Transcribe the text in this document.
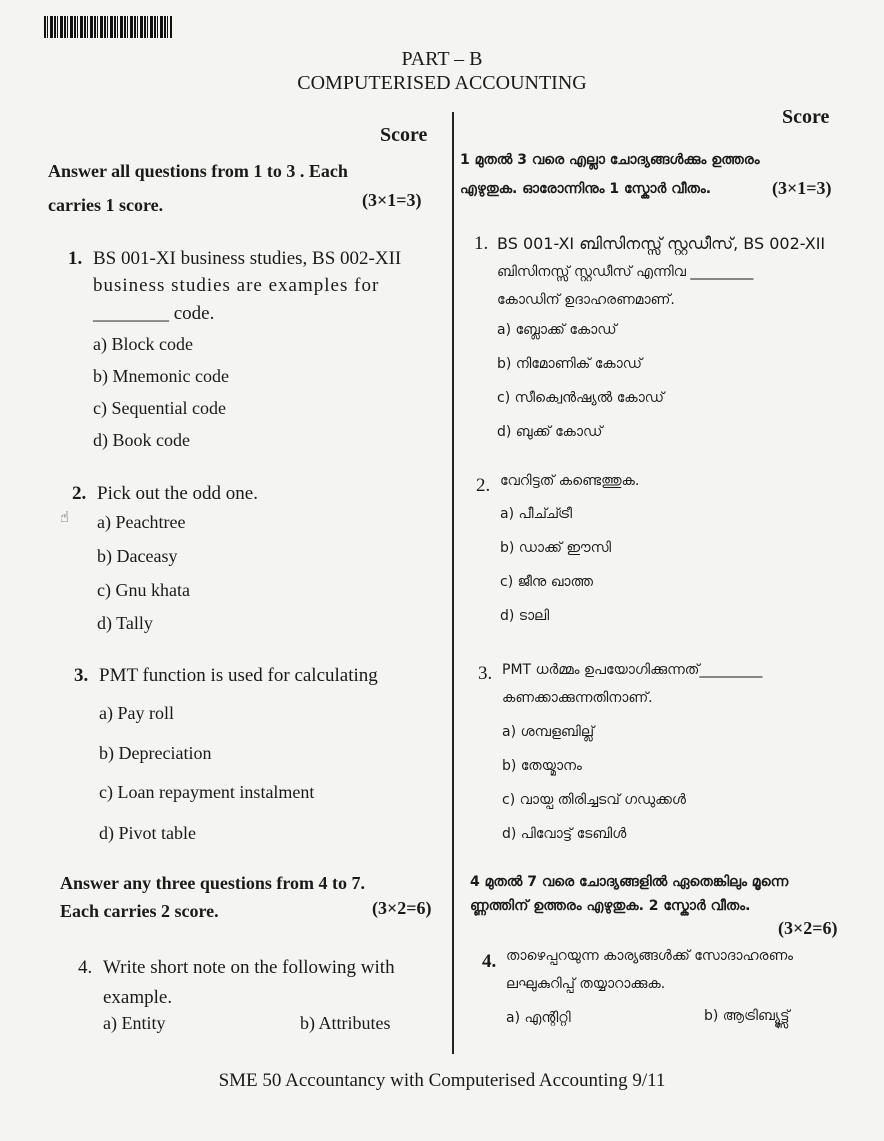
PART – B
COMPUTERISED ACCOUNTING
Score
Answer all questions from 1 to 3 . Each
carries 1 score.	(3×1=3)
1. BS 001-XI business studies, BS 002-XII
business studies are examples for
________ code.
a) Block code
b) Mnemonic code
c) Sequential code
d) Book code
2. Pick out the odd one.
☝	a) Peachtree
b) Daceasy
c) Gnu khata
d) Tally
3. PMT function is used for calculating
a) Pay roll
b) Depreciation
c) Loan repayment instalment
d) Pivot table
Answer any three questions from 4 to 7.
Each carries 2 score.	(3×2=6)
4. Write short note on the following with
example.
a) Entity	b) Attributes
Score
1 മുതൽ 3 വരെ എല്ലാ ചോദ്യങ്ങൾക്കും ഉത്തരം
എഴുതുക. ഓരോന്നിനും 1 സ്കോർ വീതം.	(3×1=3)
1. BS 001-XI ബിസിനസ്സ് സ്റ്റഡീസ്, BS 002-XII
ബിസിനസ്സ് സ്റ്റഡീസ് എന്നിവ _________
കോഡിന് ഉദാഹരണമാണ്.
a) ബ്ലോക്ക് കോഡ്
b) നിമോണിക് കോഡ്
c) സീക്വെൻഷ്യൽ കോഡ്
d) ബുക്ക് കോഡ്
2. വേറിട്ടത് കണ്ടെത്തുക.
a) പീച്ച്ട്രീ
b) ഡാക്ക് ഈസി
c) ജീനു ഖാത്ത
d) ടാലി
3. PMT ധർമ്മം ഉപയോഗിക്കുന്നത്_________
കണക്കാക്കുന്നതിനാണ്.
a) ശമ്പളബില്ല്
b) തേയ്മാനം
c) വായ്പ തിരിച്ചടവ് ഗഡുക്കൾ
d) പിവോട്ട് ടേബിൾ
4 മുതൽ 7 വരെ ചോദ്യങ്ങളിൽ ഏതെങ്കിലും മൂന്നെ
ണ്ണത്തിന് ഉത്തരം എഴുതുക. 2 സ്കോർ വീതം.
(3×2=6)
4. താഴെപ്പറയുന്ന കാര്യങ്ങൾക്ക് സോദാഹരണം
ലഘുകുറിപ്പ് തയ്യാറാക്കുക.
a) എന്റിറ്റി	b) ആട്രിബ്യൂട്ട്സ്
SME 50 Accountancy with Computerised Accounting 9/11
